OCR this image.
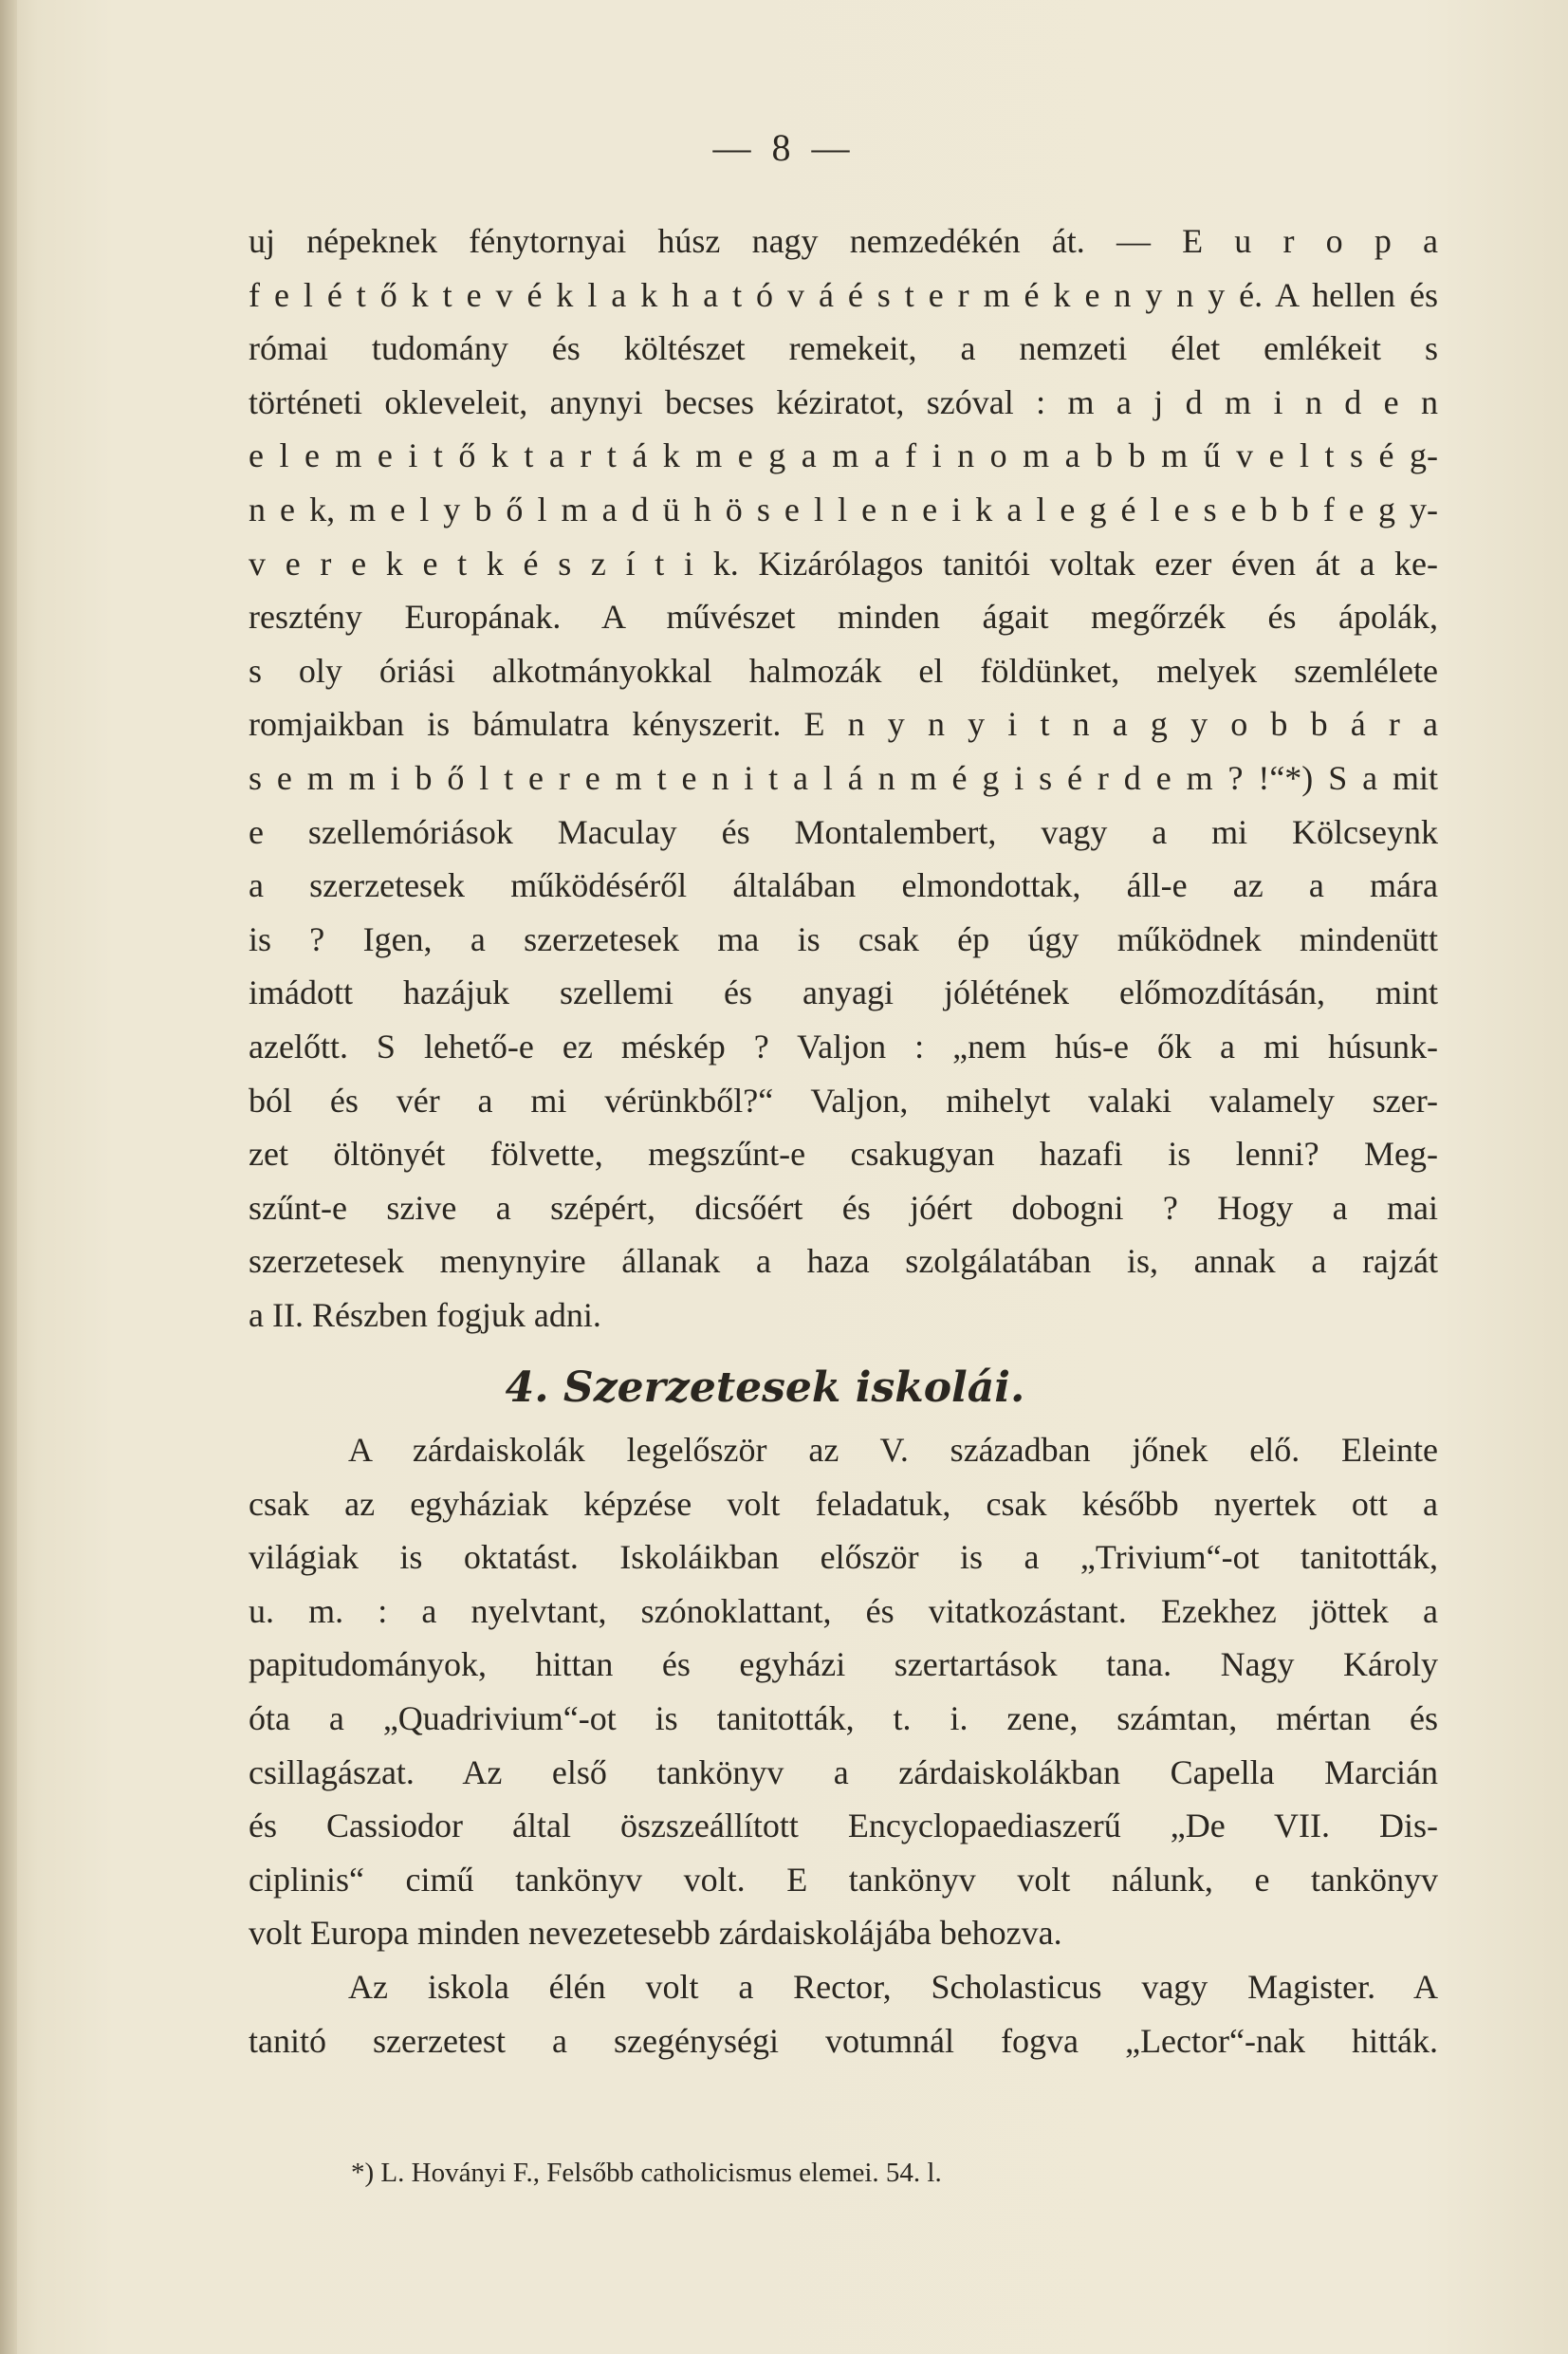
— 8 —
uj népeknek fénytornyai húsz nagy nemzedékén át. — E u r o p a
f e l é t ő k t e v é k l a k h a t ó v á é s t e r m é k e n y n y é. A hellen és
római tudomány és költészet remekeit, a nemzeti élet emlékeit s
történeti okleveleit, anynyi becses kéziratot, szóval : m a j d m i n d e n
e l e m e i t ő k t a r t á k m e g a m a f i n o m a b b m ű v e l t s é g-
n e k, m e l y b ő l m a d ü h ö s e l l e n e i k a l e g é l e s e b b f e g y-
v e r e k e t k é s z í t i k. Kizárólagos tanitói voltak ezer éven át a ke-
resztény Europának. A művészet minden ágait megőrzék és ápolák,
s oly óriási alkotmányokkal halmozák el földünket, melyek szemlélete
romjaikban is bámulatra kényszerit. E n y n y i t n a g y o b b á r a
s e m m i b ő l t e r e m t e n i t a l á n m é g i s é r d e m ? !“*) S a mit
e szellemóriások Maculay és Montalembert, vagy a mi Kölcseynk
a szerzetesek működéséről általában elmondottak, áll-e az a mára
is ? Igen, a szerzetesek ma is csak ép úgy működnek mindenütt
imádott hazájuk szellemi és anyagi jólétének előmozdításán, mint
azelőtt. S lehető-e ez méskép ? Valjon : „nem hús-e ők a mi húsunk-
ból és vér a mi vérünkből?“ Valjon, mihelyt valaki valamely szer-
zet öltönyét fölvette, megszűnt-e csakugyan hazafi is lenni? Meg-
szűnt-e szive a szépért, dicsőért és jóért dobogni ? Hogy a mai
szerzetesek menynyire állanak a haza szolgálatában is, annak a rajzát
a II. Részben fogjuk adni.
4. Szerzetesek iskolái.
A zárdaiskolák legelőször az V. században jőnek elő. Eleinte
csak az egyháziak képzése volt feladatuk, csak később nyertek ott a
világiak is oktatást. Iskoláikban először is a „Trivium“-ot tanitották,
u. m. : a nyelvtant, szónoklattant, és vitatkozástant. Ezekhez jöttek a
papitudományok, hittan és egyházi szertartások tana. Nagy Károly
óta a „Quadrivium“-ot is tanitották, t. i. zene, számtan, mértan és
csillagászat. Az első tankönyv a zárdaiskolákban Capella Marcián
és Cassiodor által öszszeállított Encyclopaediaszerű „De VII. Dis-
ciplinis“ cimű tankönyv volt. E tankönyv volt nálunk, e tankönyv
volt Europa minden nevezetesebb zárdaiskolájába behozva.
Az iskola élén volt a Rector, Scholasticus vagy Magister. A
tanitó szerzetest a szegénységi votumnál fogva „Lector“-nak hitták.
*) L. Hoványi F., Felsőbb catholicismus elemei. 54. l.
